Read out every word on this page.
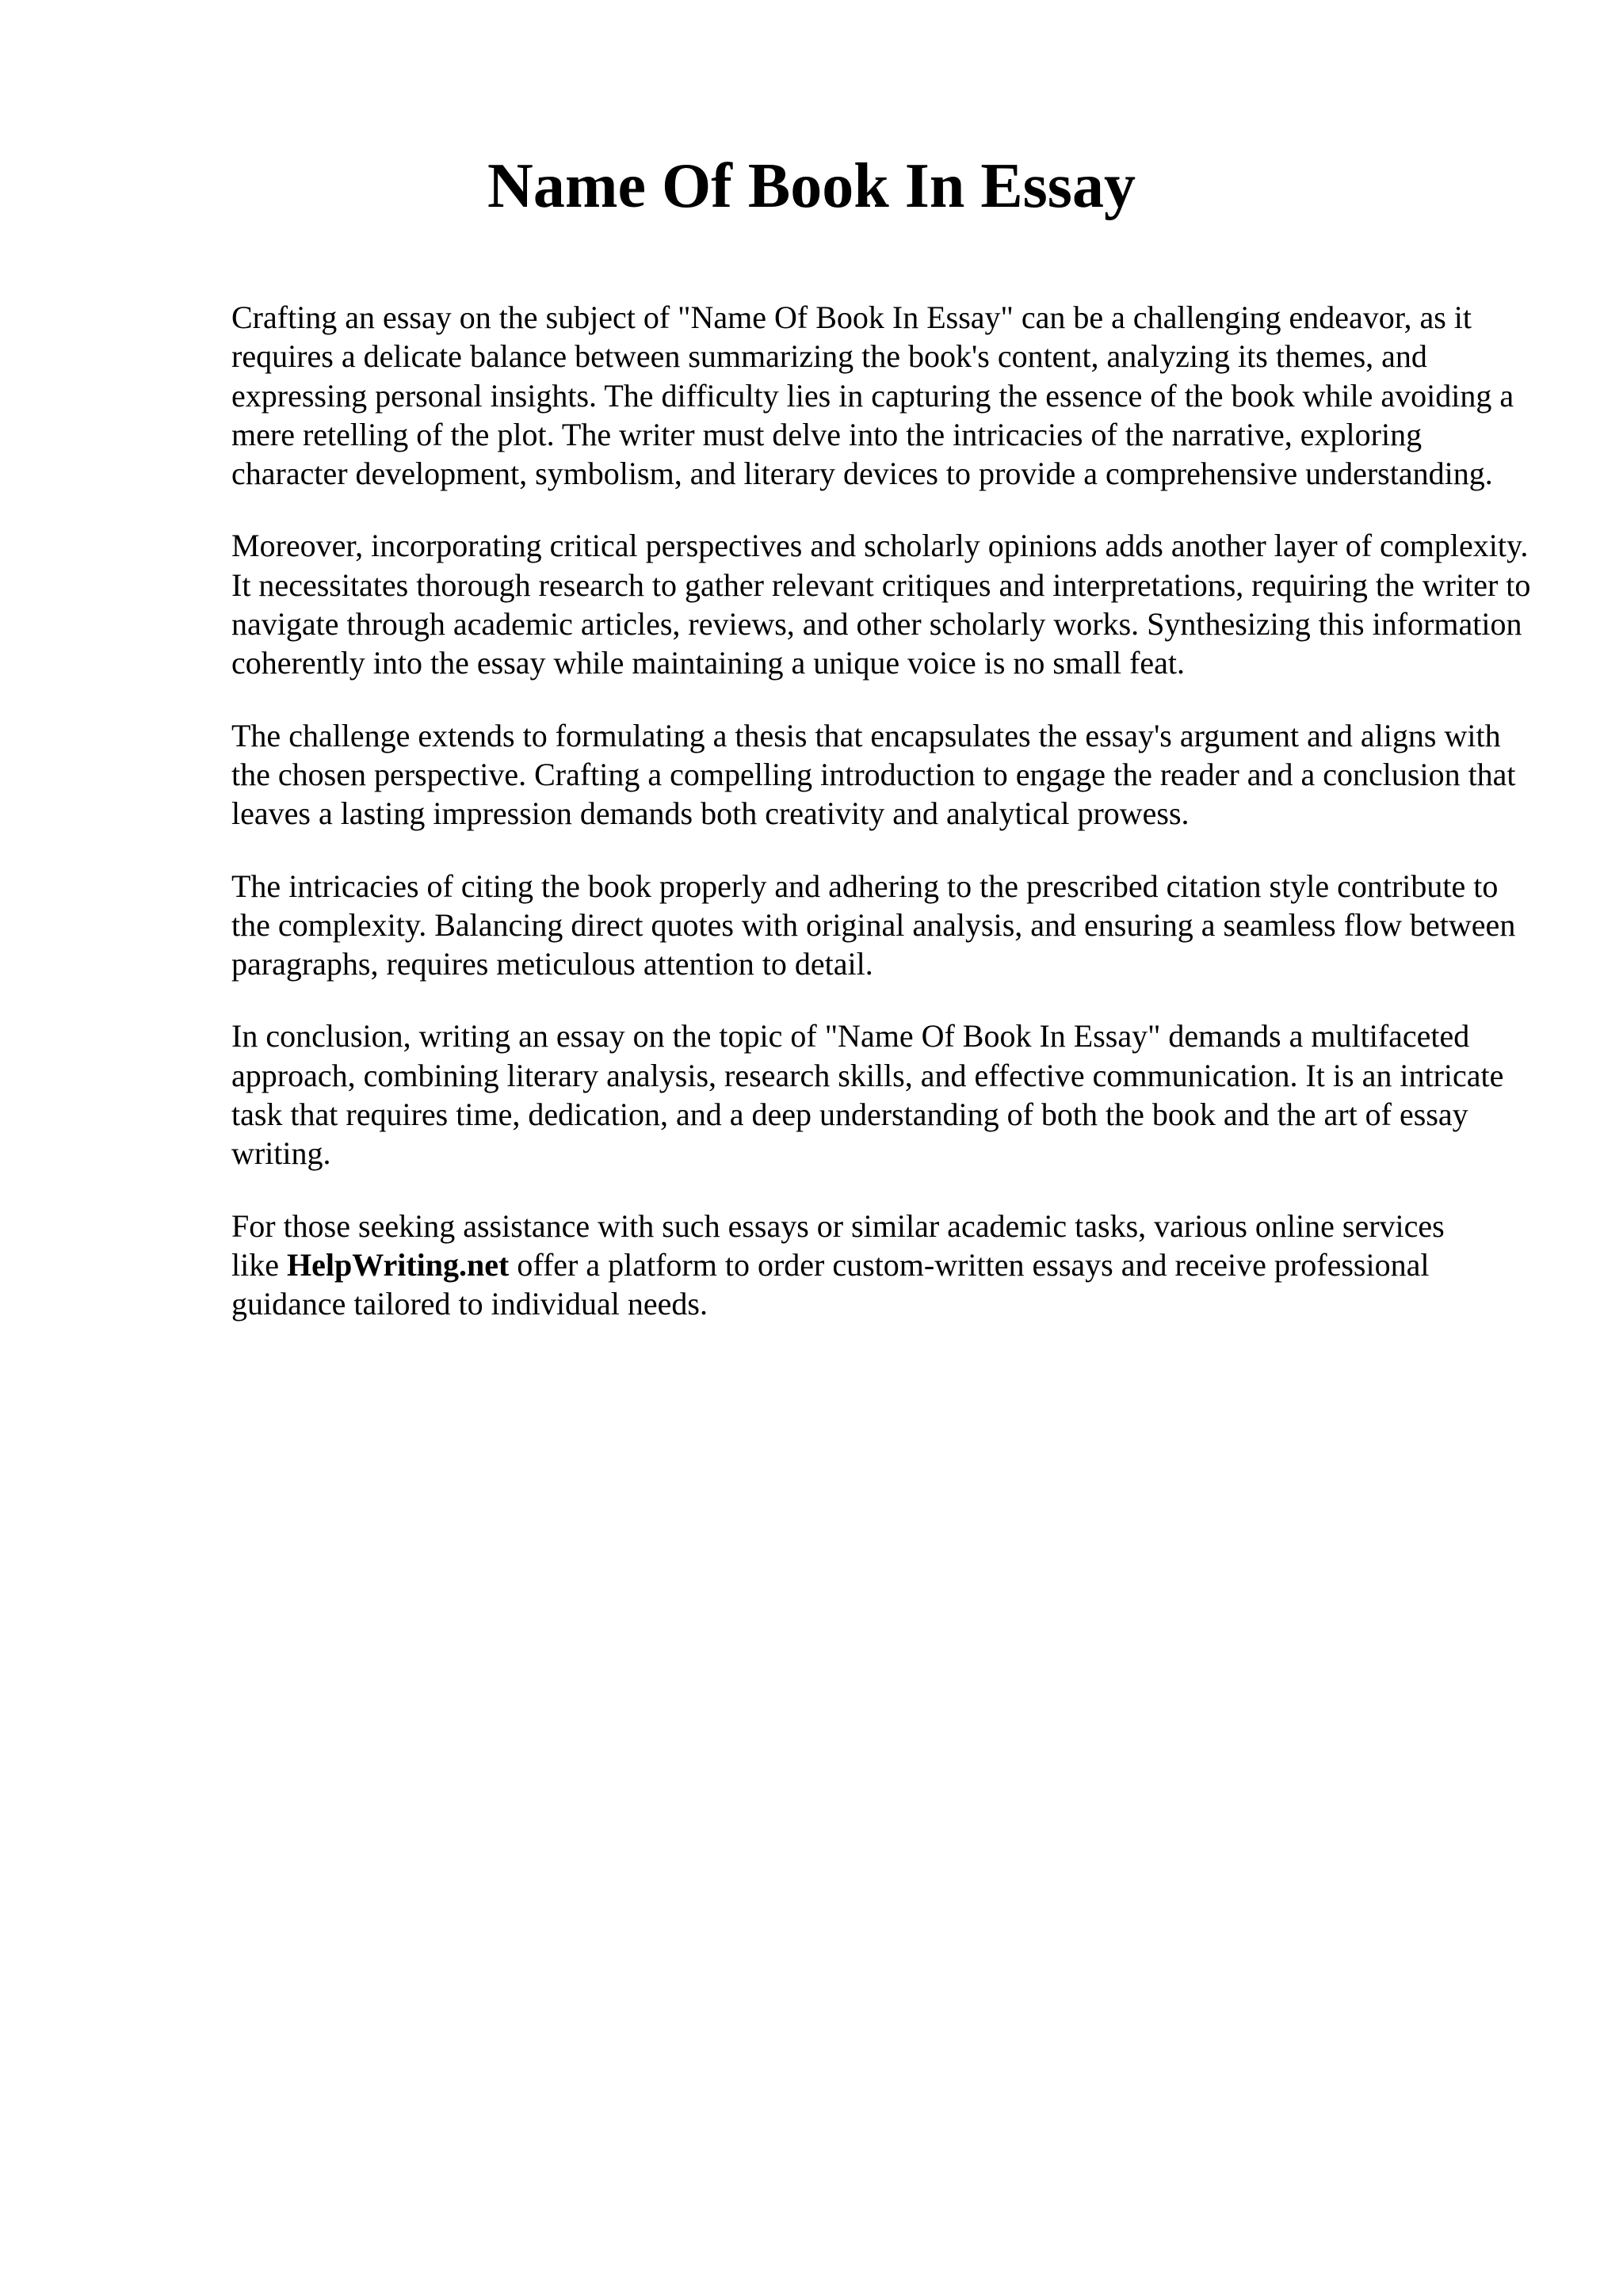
Name Of Book In Essay

Crafting an essay on the subject of "Name Of Book In Essay" can be a challenging endeavor, as it requires a delicate balance between summarizing the book's content, analyzing its themes, and expressing personal insights. The difficulty lies in capturing the essence of the book while avoiding a mere retelling of the plot. The writer must delve into the intricacies of the narrative, exploring character development, symbolism, and literary devices to provide a comprehensive understanding.

Moreover, incorporating critical perspectives and scholarly opinions adds another layer of complexity. It necessitates thorough research to gather relevant critiques and interpretations, requiring the writer to navigate through academic articles, reviews, and other scholarly works. Synthesizing this information coherently into the essay while maintaining a unique voice is no small feat.

The challenge extends to formulating a thesis that encapsulates the essay's argument and aligns with the chosen perspective. Crafting a compelling introduction to engage the reader and a conclusion that leaves a lasting impression demands both creativity and analytical prowess.

The intricacies of citing the book properly and adhering to the prescribed citation style contribute to the complexity. Balancing direct quotes with original analysis, and ensuring a seamless flow between paragraphs, requires meticulous attention to detail.

In conclusion, writing an essay on the topic of "Name Of Book In Essay" demands a multifaceted approach, combining literary analysis, research skills, and effective communication. It is an intricate task that requires time, dedication, and a deep understanding of both the book and the art of essay writing.

For those seeking assistance with such essays or similar academic tasks, various online services like HelpWriting.net offer a platform to order custom-written essays and receive professional guidance tailored to individual needs.
